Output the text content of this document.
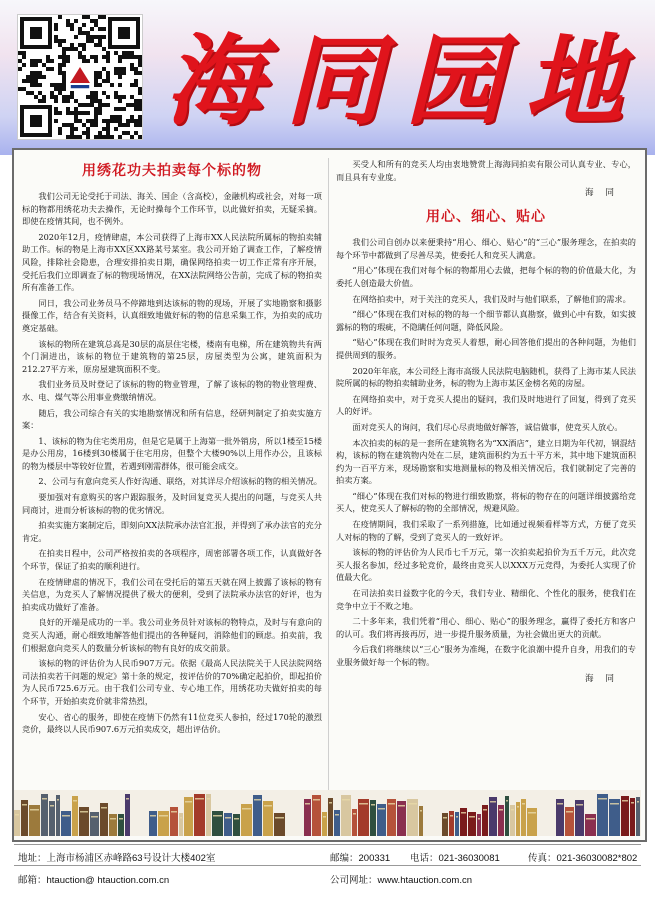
海同园地
用绣花功夫拍卖每个标的物

我们公司无论受托于司法、海关、国企（含高校），金融机构或社会，对每一项标的物都用绣花功夫去操作，无论时操每个工作环节，以此做好拍卖，无疑采摘。即使在疫情其间，也不例外。

2020年12月，疫情肆虐，本公司获得了上海市XX人民法院所属标的物拍卖辅助工作。标的物是上海市XX区XX路某号某室。我公司开始了调查工作，了解疫情风险，排除社会隐患，合理安排拍卖日期，确保网络拍卖一切工作正常有序开展，受托后我们立即调查了标的物现场情况，在XX法院网络公告前，完成了标的物拍卖所有准备工作。

同日，我公司业务员马不停蹄地到达该标的物的现场，开展了实地勘察和摄影摄像工作，结合有关资料，认真细致地做好标的物的信息采集工作，为拍卖的成功奠定基础。

该标的物所在建筑总高是30层的高层住宅楼，楼南有电梯，所在建筑物共有两个门洞进出，该标的物位于建筑物的第25层，房屋类型为公寓，建筑面积为212.27平方米，原房屋建筑面积不变。

我们业务员及时登记了该标的物的物业管理，了解了该标的物的物业管理费、水、电、煤气等公用事业费缴纳情况。

随后，我公司综合有关的实地勘察情况和所有信息，经研判制定了拍卖实施方案：

1、该标的物为住宅类用房，但是它是属于上海第一批外销房，所以1楼至15楼是办公用房，16楼到30楼属于住宅用房，但整个大楼90%以上用作办公，且该标的物为楼层中等较好位置，若遇到刚需群体，很可能会成交。

2、公司与有意向竞买人作好沟通、联络，对其详尽介绍该标的物的相关情况。

要加强对有意购买的客户跟踪服务，及时回复竞买人提出的问题，与竞买人共同商讨，进而分析该标的物的优劣情况。

拍卖实施方案制定后，即刻向XX法院承办法官汇报，并得到了承办法官的充分肯定。

在拍卖日程中，公司严格按拍卖的各项程序，周密部署各项工作，认真做好各个环节，保证了拍卖的顺利进行。

在疫情肆虐的情况下，我们公司在受托后的第五天就在网上披露了该标的物有关信息，为竞买人了解情况提供了极大的便利，受到了法院承办法官的好评，也为拍卖成功做好了准备。

良好的开端是成功的一半。我公司业务员针对该标的物特点，及时与有意向的竞买人沟通，耐心细致地解答他们提出的各种疑问，消除他们的顾虑。拍卖前，我们根据意向竞买人的数量分析该标的物有良好的成交前景。

该标的物的评估价为人民币907万元。依据《最高人民法院关于人民法院网络司法拍卖若干问题的规定》第十条的规定，按评估价的70%确定起拍价，即起拍价为人民币725.6万元。由于我们公司专业、专心地工作，用绣花功夫做好拍卖的每个环节，开始拍卖竞价就非常热烈，

安心、省心的服务，即使在疫情下仍然有11位竞买人参拍，经过170轮的激烈竞价，最终以人民币907.6万元拍卖成交，超出评估价。

买受人和所有的竞买人均由衷地赞赏上海海同拍卖有限公司认真专业、专心，而且具有专业度。

海同
用心、细心、贴心

我们公司自创办以来便秉持“用心、细心、贴心”的“三心”服务理念，在拍卖的每个环节中都做到了尽善尽美，使委托人和竞买人满意。

“用心”体现在我们对每个标的物都用心去做，把每个标的物的价值最大化，为委托人创造最大价值。

在网络拍卖中，对于关注的竞买人，我们及时与他们联系，了解他们的需求。

“细心”体现在我们对标的物的每一个细节都认真勘察，做到心中有数，如实披露标的物的瑕疵，不隐瞒任何问题，降低风险。

“贴心”体现在我们时时为竞买人着想，耐心回答他们提出的各种问题，为他们提供周到的服务。

2020年年底，本公司经上海市高级人民法院电脑随机，获得了上海市某人民法院所属的标的物拍卖辅助业务，标的物为上海市某区金榜名苑的房屋。

在网络拍卖中，对于竞买人提出的疑问，我们及时地进行了回复，得到了竞买人的好评。

面对竞买人的询问，我们尽心尽责地做好解答，诚信做事，使竞买人放心。

本次拍卖的标的是一套所在建筑物名为“XX酒店”，建立日期为年代初，钢混结构，该标的物在建筑物内处在二层，建筑面积约为五十平方米，其中地下建筑面积约为一百平方米，现场勘察和实地测量标的物及相关情况后，我们就制定了完善的拍卖方案。

“细心”体现在我们对标的物进行细致勘察，将标的物存在的问题详细披露给竞买人，使竞买人了解标的物的全部情况，规避风险。

在疫情期间，我们采取了一系列措施，比如通过视频看样等方式，方便了竞买人对标的物的了解，受到了竞买人的一致好评。

该标的物的评估价为人民币七千万元，第一次拍卖起拍价为五千万元，此次竞买人报名参加，经过多轮竞价，最终由竞买人以XXX万元竞得，为委托人实现了价值最大化。

在司法拍卖日益数字化的今天，我们专业、精细化、个性化的服务，使我们在竞争中立于不败之地。

二十多年来，我们凭着“用心、细心、贴心”的服务理念，赢得了委托方和客户的认可。我们将再接再厉，进一步提升服务质量，为社会做出更大的贡献。

今后我们将继续以“三心”服务为准绳，在数字化浪潮中提升自身，用我们的专业服务做好每一个标的物。

海同
地址：上海市杨浦区赤峰路63号设计大楼402室	邮编：200331 电话：021-36030081	传真：021-36030082*802
邮箱：htauction@ htauction.com.cn	公司网址：www.htauction.com.cn
